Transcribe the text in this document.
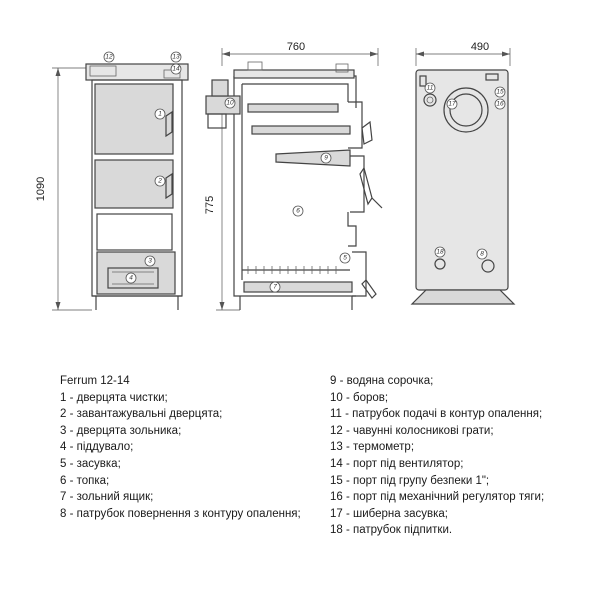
1090
12	13
14
1
2
3
4
760
775
10
9
6
5
7
490
11
17
8
18
15
16
Ferrum 12-14
1 - дверцята чистки;
2 - завантажувальні дверцята;
3 - дверцята зольника;
4 - піддувало;
5 - засувка;
6 - топка;
7 - зольний ящик;
8 - патрубок повернення з контуру опалення;
9 - водяна сорочка;
10 - боров;
11 - патрубок подачі в контур опалення;
12 - чавунні колосникові грати;
13 - термометр;
14 - порт під вентилятор;
15 - порт під групу безпеки 1";
16 - порт під механічний регулятор тяги;
17 - шиберна засувка;
18 - патрубок підпитки.
